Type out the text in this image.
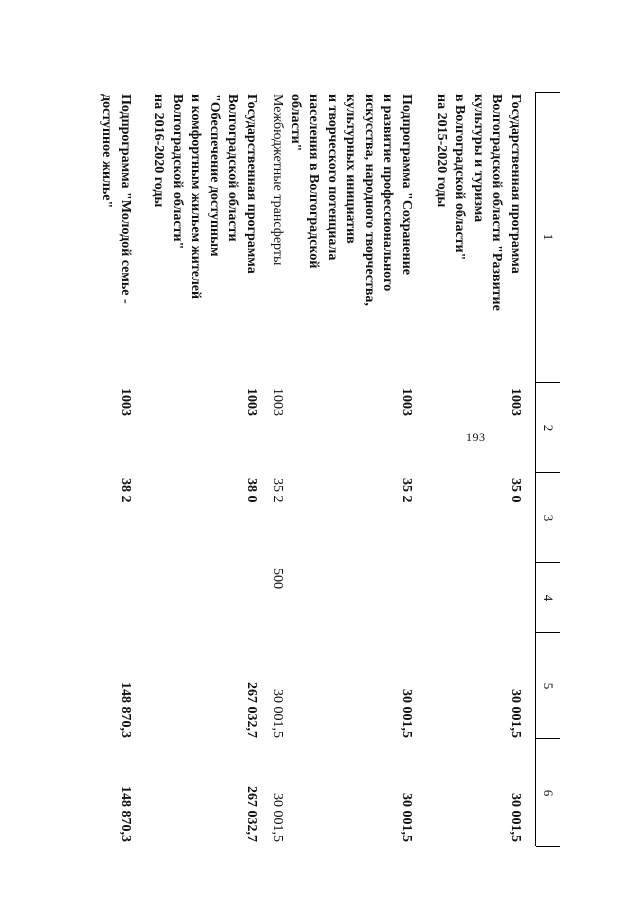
193
1
2
3
4
5
6
Государственная программа
Волгоградской области "Развитие
культуры и туризма
в Волгоградской области"
на 2015-2020 годы
1003
35 0
30 001,5
30 001,5
Подпрограмма "Сохранение
и развитие профессионального
искусства, народного творчества,
культурных инициатив
и творческого потенциала
населения в Волгоградской
области"
1003
35 2
30 001,5
30 001,5
Межбюджетные трансферты
1003
35 2
500
30 001,5
30 001,5
Государственная программа
Волгоградской области
"Обеспечение доступным
и комфортным жильем жителей
Волгоградской области"
на 2016-2020 годы
1003
38 0
267 032,7
267 032,7
Подпрограмма "Молодой семье -
доступное жилье"
1003
38 2
148 870,3
148 870,3
